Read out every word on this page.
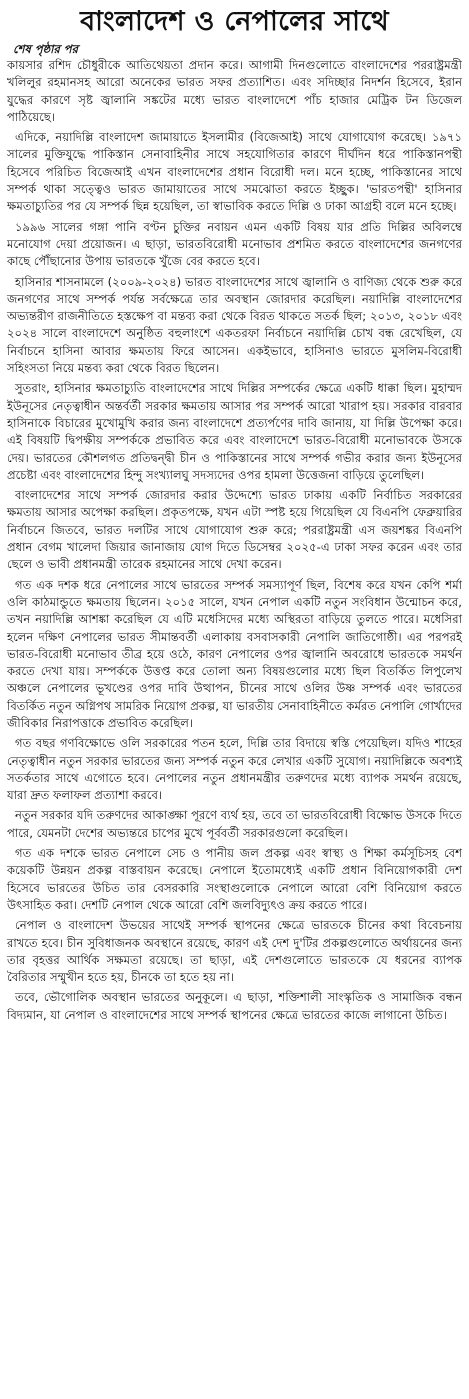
বাংলাদেশ ও নেপালের সাথে
শেষ পৃষ্ঠার পর

কায়সার রশিদ চৌধুরীকে আতিথেয়তা প্রদান করে। আগামী দিনগুলোতে বাংলাদেশের পররাষ্ট্রমন্ত্রী খলিলুর রহমানসহ আরো অনেকের ভারত সফর প্রত্যাশিত। এবং সদিচ্ছার নিদর্শন হিসেবে, ইরান যুদ্ধের কারণে সৃষ্ট জ্বালানি সঙ্কটের মধ্যে ভারত বাংলাদেশে পাঁচ হাজার মেট্রিক টন ডিজেল পাঠিয়েছে।

এদিকে, নয়াদিল্লি বাংলাদেশ জামায়াতে ইসলামীর (বিজেআই) সাথে যোগাযোগ করেছে। ১৯৭১ সালের মুক্তিযুদ্ধে পাকিস্তান সেনাবাহিনীর সাথে সহযোগিতার কারণে দীর্ঘদিন ধরে পাকিস্তানপন্থী হিসেবে পরিচিত বিজেআই এখন বাংলাদেশের প্রধান বিরোধী দল। মনে হচ্ছে, পাকিস্তানের সাথে সম্পর্ক থাকা সত্ত্বেও ভারত জামায়াতের সাথে সমঝোতা করতে ইচ্ছুক। 'ভারতপন্থী' হাসিনার ক্ষমতাচ্যুতির পর যে সম্পর্ক ছিন্ন হয়েছিল, তা স্বাভাবিক করতে দিল্লি ও ঢাকা আগ্রহী বলে মনে হচ্ছে।

১৯৯৬ সালের গঙ্গা পানি বণ্টন চুক্তির নবায়ন এমন একটি বিষয় যার প্রতি দিল্লির অবিলম্বে মনোযোগ দেয়া প্রয়োজন। এ ছাড়া, ভারতবিরোধী মনোভাব প্রশমিত করতে বাংলাদেশের জনগণের কাছে পৌঁছানোর উপায় ভারতকে খুঁজে বের করতে হবে।

হাসিনার শাসনামলে (২০০৯-২০২৪) ভারত বাংলাদেশের সাথে জ্বালানি ও বাণিজ্য থেকে শুরু করে জনগণের সাথে সম্পর্ক পর্যন্ত সর্বক্ষেত্রে তার অবস্থান জোরদার করেছিল। নয়াদিল্লি বাংলাদেশের অভ্যন্তরীণ রাজনীতিতে হস্তক্ষেপ বা মন্তব্য করা থেকে বিরত থাকতে সতর্ক ছিল; ২০১৩, ২০১৮ এবং ২০২৪ সালে বাংলাদেশে অনুষ্ঠিত বহুলাংশে একতরফা নির্বাচনে নয়াদিল্লি চোখ বন্ধ রেখেছিল, যে নির্বাচনে হাসিনা আবার ক্ষমতায় ফিরে আসেন। একইভাবে, হাসিনাও ভারতে মুসলিম-বিরোধী সহিংসতা নিয়ে মন্তব্য করা থেকে বিরত ছিলেন।

সুতরাং, হাসিনার ক্ষমতাচ্যুতি বাংলাদেশের সাথে দিল্লির সম্পর্কের ক্ষেত্রে একটি ধাক্কা ছিল। মুহাম্মদ ইউনূসের নেতৃত্বাধীন অন্তর্বর্তী সরকার ক্ষমতায় আসার পর সম্পর্ক আরো খারাপ হয়। সরকার বারবার হাসিনাকে বিচারের মুখোমুখি করার জন্য বাংলাদেশে প্রত্যর্পণের দাবি জানায়, যা দিল্লি উপেক্ষা করে। এই বিষয়টি দ্বিপক্ষীয় সম্পর্ককে প্রভাবিত করে এবং বাংলাদেশে ভারত-বিরোধী মনোভাবকে উসকে দেয়। ভারতের কৌশলগত প্রতিদ্বন্দ্বী চীন ও পাকিস্তানের সাথে সম্পর্ক গভীর করার জন্য ইউনূসের প্রচেষ্টা এবং বাংলাদেশের হিন্দু সংখ্যালঘু সদস্যদের ওপর হামলা উত্তেজনা বাড়িয়ে তুলেছিল।

বাংলাদেশের সাথে সম্পর্ক জোরদার করার উদ্দেশ্যে ভারত ঢাকায় একটি নির্বাচিত সরকারের ক্ষমতায় আসার অপেক্ষা করছিল। প্রকৃতপক্ষে, যখন এটা স্পষ্ট হয়ে গিয়েছিল যে বিএনপি ফেব্রুয়ারির নির্বাচনে জিতবে, ভারত দলটির সাথে যোগাযোগ শুরু করে; পররাষ্ট্রমন্ত্রী এস জয়শঙ্কর বিএনপি প্রধান বেগম খালেদা জিয়ার জানাজায় যোগ দিতে ডিসেম্বর ২০২৫-এ ঢাকা সফর করেন এবং তার ছেলে ও ভাবী প্রধানমন্ত্রী তারেক রহমানের সাথে দেখা করেন।

গত এক দশক ধরে নেপালের সাথে ভারতের সম্পর্ক সমস্যাপূর্ণ ছিল, বিশেষ করে যখন কেপি শর্মা ওলি কাঠমান্ডুতে ক্ষমতায় ছিলেন। ২০১৫ সালে, যখন নেপাল একটি নতুন সংবিধান উন্মোচন করে, তখন নয়াদিল্লি আশঙ্কা করেছিল যে এটি মধেসিদের মধ্যে অস্থিরতা বাড়িয়ে তুলতে পারে। মধেসিরা হলেন দক্ষিণ নেপালের ভারত সীমান্তবর্তী এলাকায় বসবাসকারী নেপালি জাতিগোষ্ঠী। এর পরপরই ভারত-বিরোধী মনোভাব তীব্র হয়ে ওঠে, কারণ নেপালের ওপর জ্বালানি অবরোধে ভারতকে সমর্থন করতে দেখা যায়। সম্পর্ককে উত্তপ্ত করে তোলা অন্য বিষয়গুলোর মধ্যে ছিল বিতর্কিত লিপুলেখ অঞ্চলে নেপালের ভূখণ্ডের ওপর দাবি উত্থাপন, চীনের সাথে ওলির উষ্ণ সম্পর্ক এবং ভারতের বিতর্কিত নতুন অগ্নিপথ সামরিক নিয়োগ প্রকল্প, যা ভারতীয় সেনাবাহিনীতে কর্মরত নেপালি গোর্খাদের জীবিকার নিরাপত্তাকে প্রভাবিত করেছিল।

গত বছর গণবিক্ষোভে ওলি সরকারের পতন হলে, দিল্লি তার বিদায়ে স্বস্তি পেয়েছিল। যদিও শাহের নেতৃত্বাধীন নতুন সরকার ভারতের জন্য সম্পর্ক নতুন করে লেখার একটি সুযোগ। নয়াদিল্লিকে অবশ্যই সতর্কতার সাথে এগোতে হবে। নেপালের নতুন প্রধানমন্ত্রীর তরুণদের মধ্যে ব্যাপক সমর্থন রয়েছে, যারা দ্রুত ফলাফল প্রত্যাশা করবে।

নতুন সরকার যদি তরুণদের আকাঙ্ক্ষা পূরণে ব্যর্থ হয়, তবে তা ভারতবিরোধী বিক্ষোভ উসকে দিতে পারে, যেমনটা দেশের অভ্যন্তরে চাপের মুখে পূর্ববর্তী সরকারগুলো করেছিল।

গত এক দশকে ভারত নেপালে সেচ ও পানীয় জল প্রকল্প এবং স্বাস্থ্য ও শিক্ষা কর্মসূচিসহ বেশ কয়েকটি উন্নয়ন প্রকল্প বাস্তবায়ন করেছে। নেপালে ইতোমধ্যেই একটি প্রধান বিনিয়োগকারী দেশ হিসেবে ভারতের উচিত তার বেসরকারি সংস্থাগুলোকে নেপালে আরো বেশি বিনিয়োগ করতে উৎসাহিত করা। দেশটি নেপাল থেকে আরো বেশি জলবিদ্যুৎও ক্রয় করতে পারে।

নেপাল ও বাংলাদেশ উভয়ের সাথেই সম্পর্ক স্থাপনের ক্ষেত্রে ভারতকে চীনের কথা বিবেচনায় রাখতে হবে। চীন সুবিধাজনক অবস্থানে রয়েছে, কারণ এই দেশ দু'টির প্রকল্পগুলোতে অর্থায়নের জন্য তার বৃহত্তর আর্থিক সক্ষমতা রয়েছে। তা ছাড়া, এই দেশগুলোতে ভারতকে যে ধরনের ব্যাপক বৈরিতার সম্মুখীন হতে হয়, চীনকে তা হতে হয় না।

তবে, ভৌগোলিক অবস্থান ভারতের অনুকূলে। এ ছাড়া, শক্তিশালী সাংস্কৃতিক ও সামাজিক বন্ধন বিদ্যমান, যা নেপাল ও বাংলাদেশের সাথে সম্পর্ক স্থাপনের ক্ষেত্রে ভারতের কাজে লাগানো উচিত।
